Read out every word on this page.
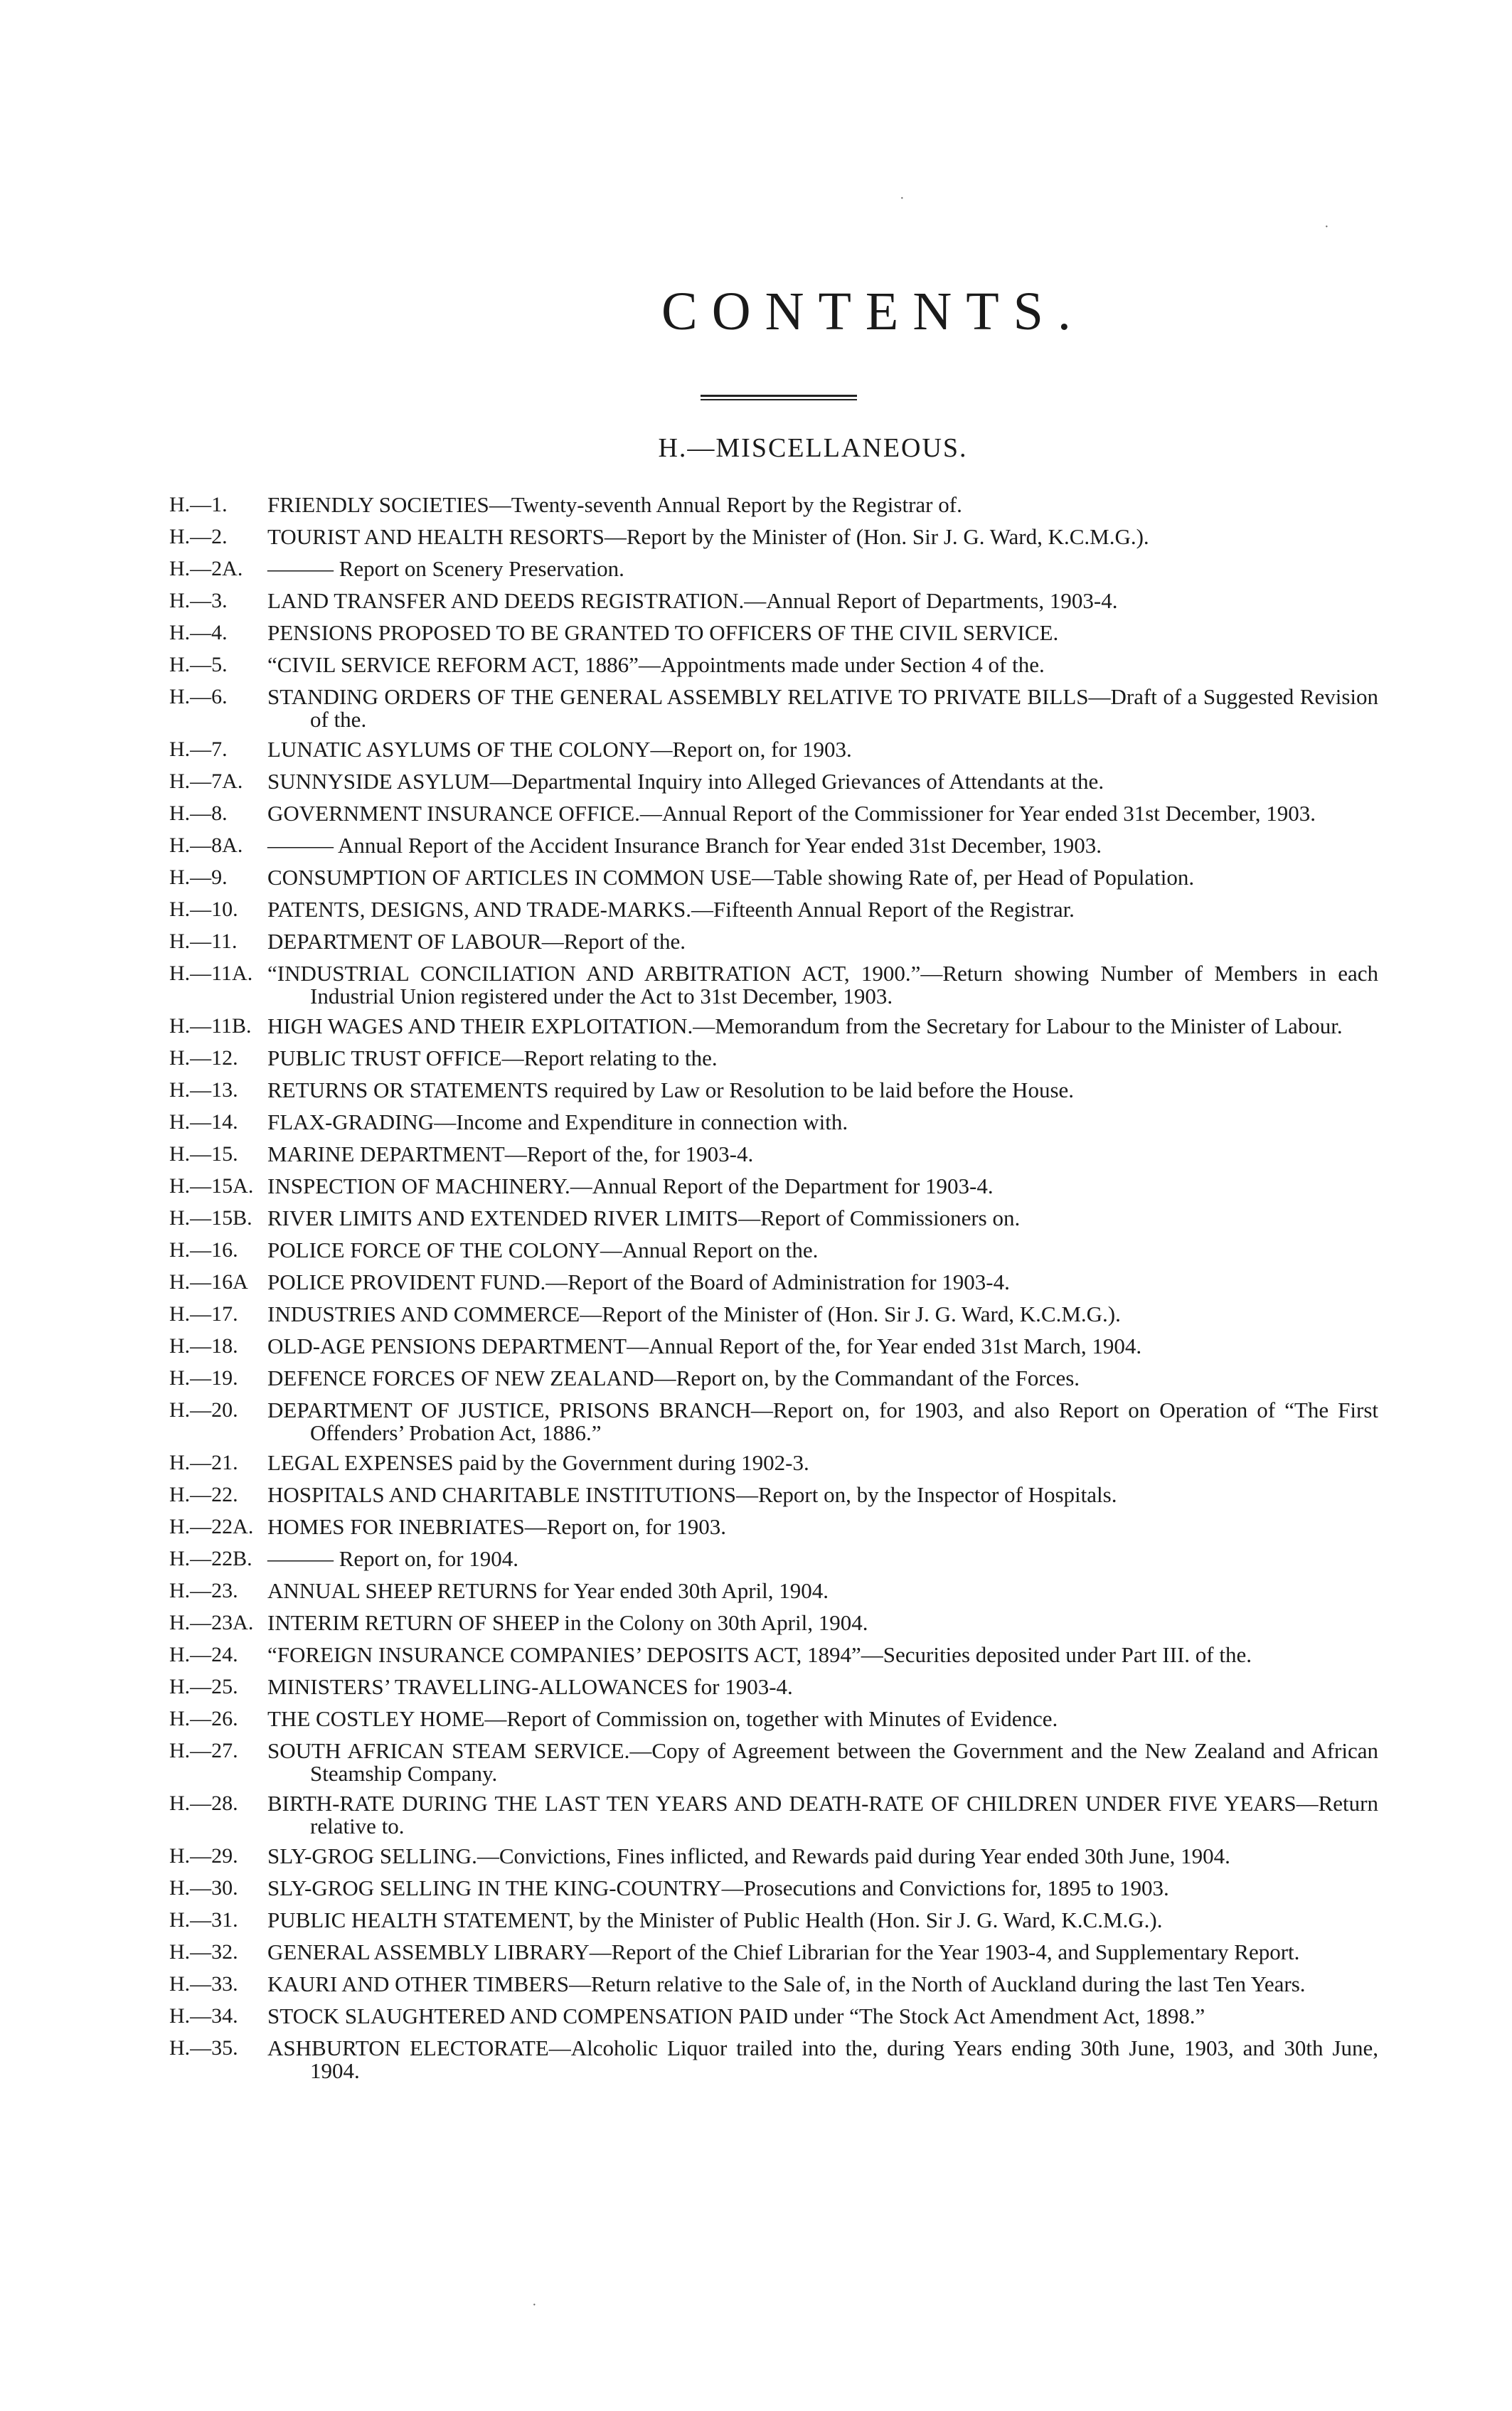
CONTENTS.
H.—MISCELLANEOUS.
H.—1.	FRIENDLY SOCIETIES—Twenty-seventh Annual Report by the Registrar of.
H.—2.	TOURIST AND HEALTH RESORTS—Report by the Minister of (Hon. Sir J. G. Ward, K.C.M.G.).
H.—2A.	——— Report on Scenery Preservation.
H.—3.	LAND TRANSFER AND DEEDS REGISTRATION.—Annual Report of Departments, 1903-4.
H.—4.	PENSIONS PROPOSED TO BE GRANTED TO OFFICERS OF THE CIVIL SERVICE.
H.—5.	“CIVIL SERVICE REFORM ACT, 1886”—Appointments made under Section 4 of the.
H.—6.	STANDING ORDERS OF THE GENERAL ASSEMBLY RELATIVE TO PRIVATE BILLS—Draft of a Suggested Revision of the.
H.—7.	LUNATIC ASYLUMS OF THE COLONY—Report on, for 1903.
H.—7A.	SUNNYSIDE ASYLUM—Departmental Inquiry into Alleged Grievances of Attendants at the.
H.—8.	GOVERNMENT INSURANCE OFFICE.—Annual Report of the Commissioner for Year ended 31st December, 1903.
H.—8A.	——— Annual Report of the Accident Insurance Branch for Year ended 31st December, 1903.
H.—9.	CONSUMPTION OF ARTICLES IN COMMON USE—Table showing Rate of, per Head of Population.
H.—10.	PATENTS, DESIGNS, AND TRADE-MARKS.—Fifteenth Annual Report of the Registrar.
H.—11.	DEPARTMENT OF LABOUR—Report of the.
H.—11A. “INDUSTRIAL CONCILIATION AND ARBITRATION ACT, 1900.”—Return showing Number of Members in each Industrial Union registered under the Act to 31st December, 1903.
H.—11B. HIGH WAGES AND THEIR EXPLOITATION.—Memorandum from the Secretary for Labour to the Minister of Labour.
H.—12.	PUBLIC TRUST OFFICE—Report relating to the.
H.—13.	RETURNS OR STATEMENTS required by Law or Resolution to be laid before the House.
H.—14.	FLAX-GRADING—Income and Expenditure in connection with.
H.—15.	MARINE DEPARTMENT—Report of the, for 1903-4.
H.—15A. INSPECTION OF MACHINERY.—Annual Report of the Department for 1903-4.
H.—15B. RIVER LIMITS AND EXTENDED RIVER LIMITS—Report of Commissioners on.
H.—16.	POLICE FORCE OF THE COLONY—Annual Report on the.
H.—16A POLICE PROVIDENT FUND.—Report of the Board of Administration for 1903-4.
H.—17.	INDUSTRIES AND COMMERCE—Report of the Minister of (Hon. Sir J. G. Ward, K.C.M.G.).
H.—18.	OLD-AGE PENSIONS DEPARTMENT—Annual Report of the, for Year ended 31st March, 1904.
H.—19.	DEFENCE FORCES OF NEW ZEALAND—Report on, by the Commandant of the Forces.
H.—20.	DEPARTMENT OF JUSTICE, PRISONS BRANCH—Report on, for 1903, and also Report on Operation of “The First Offenders’ Probation Act, 1886.”
H.—21.	LEGAL EXPENSES paid by the Government during 1902-3.
H.—22.	HOSPITALS AND CHARITABLE INSTITUTIONS—Report on, by the Inspector of Hospitals.
H.—22A. HOMES FOR INEBRIATES—Report on, for 1903.
H.—22B. ——— Report on, for 1904.
H.—23.	ANNUAL SHEEP RETURNS for Year ended 30th April, 1904.
H.—23A. INTERIM RETURN OF SHEEP in the Colony on 30th April, 1904.
H.—24.	“FOREIGN INSURANCE COMPANIES’ DEPOSITS ACT, 1894”—Securities deposited under Part III. of the.
H.—25.	MINISTERS’ TRAVELLING-ALLOWANCES for 1903-4.
H.—26.	THE COSTLEY HOME—Report of Commission on, together with Minutes of Evidence.
H.—27.	SOUTH AFRICAN STEAM SERVICE.—Copy of Agreement between the Government and the New Zealand and African Steamship Company.
H.—28.	BIRTH-RATE DURING THE LAST TEN YEARS AND DEATH-RATE OF CHILDREN UNDER FIVE YEARS—Return relative to.
H.—29.	SLY-GROG SELLING.—Convictions, Fines inflicted, and Rewards paid during Year ended 30th June, 1904.
H.—30.	SLY-GROG SELLING IN THE KING-COUNTRY—Prosecutions and Convictions for, 1895 to 1903.
H.—31.	PUBLIC HEALTH STATEMENT, by the Minister of Public Health (Hon. Sir J. G. Ward, K.C.M.G.).
H.—32.	GENERAL ASSEMBLY LIBRARY—Report of the Chief Librarian for the Year 1903-4, and Supplementary Report.
H.—33.	KAURI AND OTHER TIMBERS—Return relative to the Sale of, in the North of Auckland during the last Ten Years.
H.—34.	STOCK SLAUGHTERED AND COMPENSATION PAID under “The Stock Act Amendment Act, 1898.”
H.—35.	ASHBURTON ELECTORATE—Alcoholic Liquor trailed into the, during Years ending 30th June, 1903, and 30th June, 1904.
·
·
·
